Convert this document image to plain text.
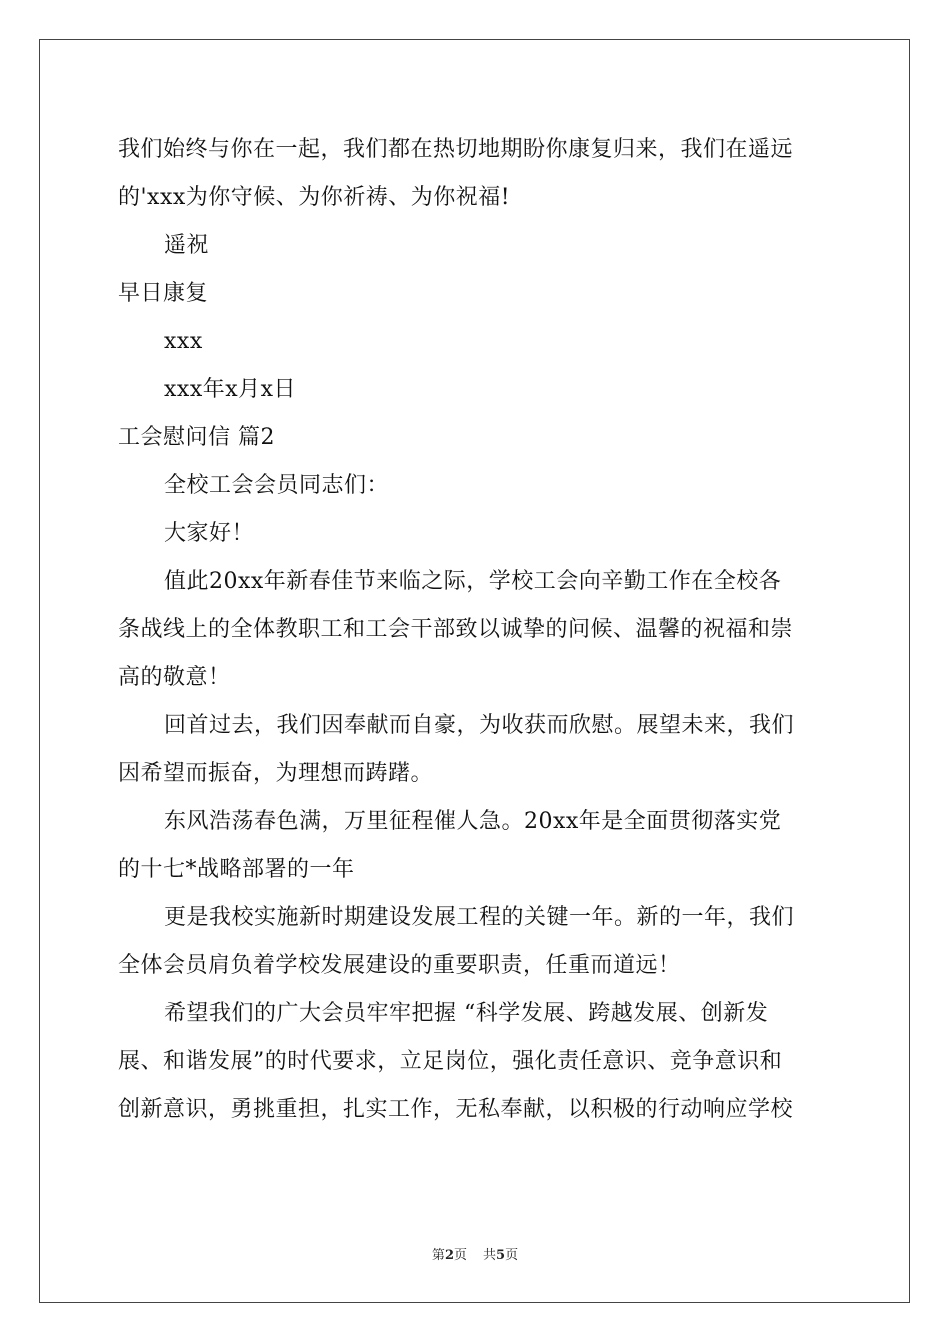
我们始终与你在一起，我们都在热切地期盼你康复归来，我们在遥远
的'xxx为你守候、为你祈祷、为你祝福!
遥祝
早日康复
xxx
xxx年x月x日
工会慰问信 篇2
全校工会会员同志们：
大家好！
值此20xx年新春佳节来临之际，学校工会向辛勤工作在全校各
条战线上的全体教职工和工会干部致以诚挚的问候、温馨的祝福和崇
高的敬意！
回首过去，我们因奉献而自豪，为收获而欣慰。展望未来，我们
因希望而振奋，为理想而踌躇。
东风浩荡春色满，万里征程催人急。20xx年是全面贯彻落实党
的十七*战略部署的一年
更是我校实施新时期建设发展工程的关键一年。新的一年，我们
全体会员肩负着学校发展建设的重要职责，任重而道远！
希望我们的广大会员牢牢把握 “科学发展、跨越发展、创新发
展、和谐发展”的时代要求，立足岗位，强化责任意识、竞争意识和
创新意识，勇挑重担，扎实工作，无私奉献，以积极的行动响应学校
第2页 共5页
